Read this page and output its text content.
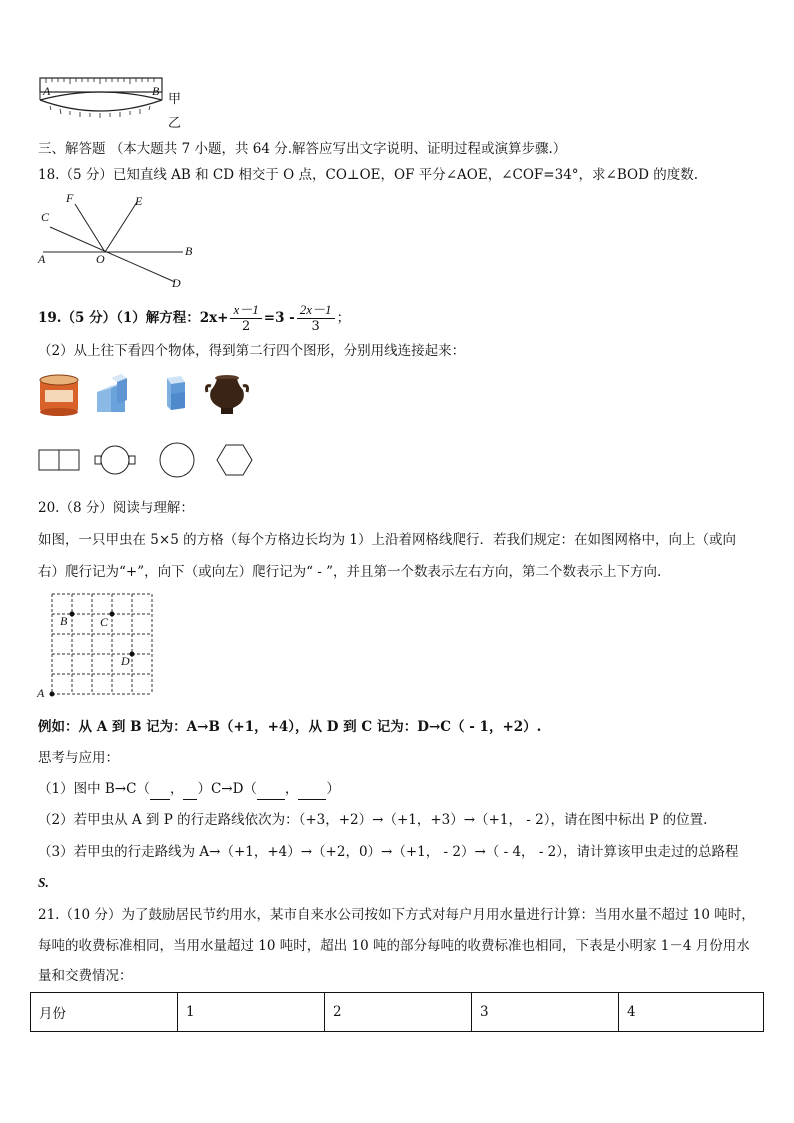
A	B
甲
乙
三、解答题 （本大题共 7 小题，共 64 分.解答应写出文字说明、证明过程或演算步骤.）
18.（5 分）已知直线 AB 和 CD 相交于 O 点，CO⊥OE，OF 平分∠AOE，∠COF=34°，求∠BOD 的度数.
C
F	E
A	O
B
D
19.（5 分）（1）解方程：$2x+ \frac{x-1}{2} =3 - \frac{2x-1}{3}$ ；
（2）从上往下看四个物体，得到第二行四个图形，分别用线连接起来：
20.（8 分）阅读与理解：
如图，一只甲虫在 5×5 的方格（每个方格边长均为 1）上沿着网格线爬行．若我们规定：在如图网格中，向上（或向
右）爬行记为“+”，向下（或向左）爬行记为“ - ”，并且第一个数表示左右方向，第二个数表示上下方向.
A
B	C
D
例如：从 A 到 B 记为：A→B（+1，+4），从 D 到 C 记为：D→C（ - 1，+2）.
思考与应用：
（1）图中 B→C（ ， ）C→D（ ， ）
（2）若甲虫从 A 到 P 的行走路线依次为：（+3，+2）→（+1，+3）→（+1， - 2），请在图中标出 P 的位置.
（3）若甲虫的行走路线为 A→（+1，+4）→（+2，0）→（+1， - 2）→（ - 4， - 2），请计算该甲虫走过的总路程
S.
21.（10 分）为了鼓励居民节约用水，某市自来水公司按如下方式对每户月用水量进行计算：当用水量不超过 10 吨时，
每吨的收费标准相同，当用水量超过 10 吨时，超出 10 吨的部分每吨的收费标准也相同，下表是小明家 1－4 月份用水
量和交费情况：
月份	1	2	3	4
